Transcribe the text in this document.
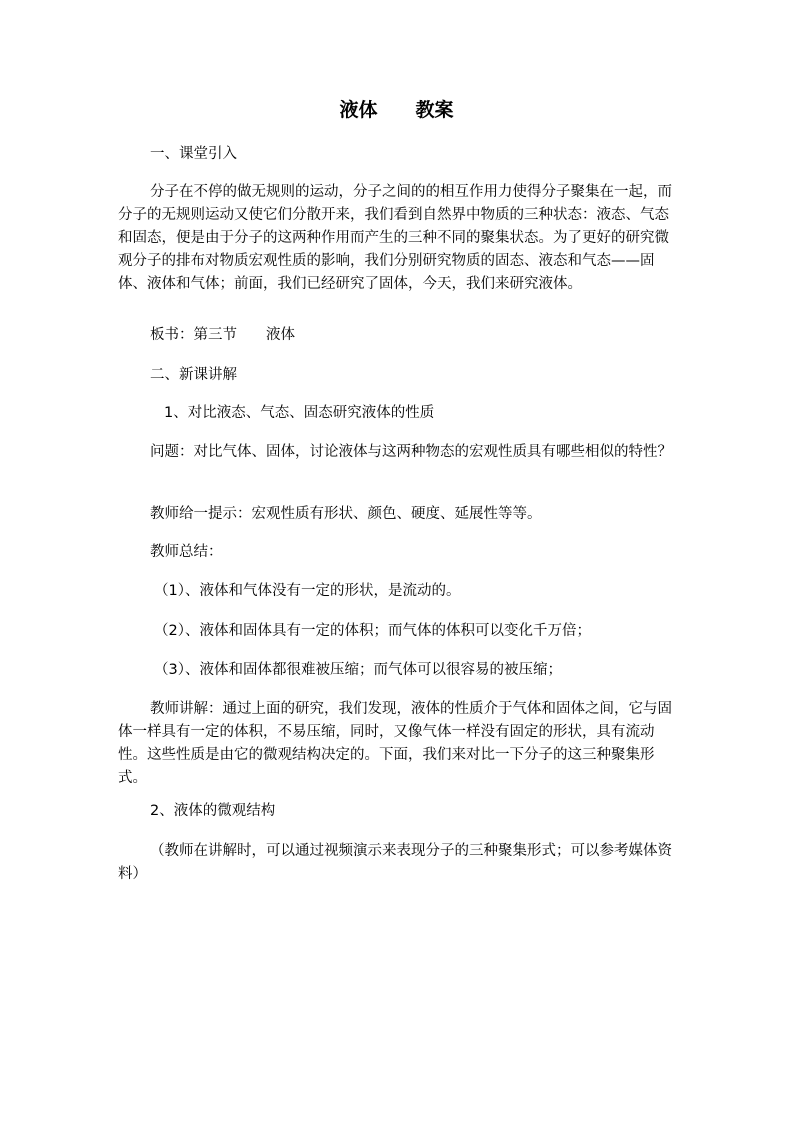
液体　　教案
一、课堂引入
分子在不停的做无规则的运动，分子之间的的相互作用力使得分子聚集在一起，而分子的无规则运动又使它们分散开来，我们看到自然界中物质的三种状态：液态、气态和固态，便是由于分子的这两种作用而产生的三种不同的聚集状态。为了更好的研究微观分子的排布对物质宏观性质的影响，我们分别研究物质的固态、液态和气态——固体、液体和气体；前面，我们已经研究了固体，今天，我们来研究液体。
板书：第三节　　液体
二、新课讲解
1、对比液态、气态、固态研究液体的性质
问题：对比气体、固体，讨论液体与这两种物态的宏观性质具有哪些相似的特性？
教师给一提示：宏观性质有形状、颜色、硬度、延展性等等。
教师总结：
（1）、液体和气体没有一定的形状，是流动的。
（2）、液体和固体具有一定的体积；而气体的体积可以变化千万倍；
（3）、液体和固体都很难被压缩；而气体可以很容易的被压缩；
教师讲解：通过上面的研究，我们发现，液体的性质介于气体和固体之间，它与固体一样具有一定的体积，不易压缩，同时，又像气体一样没有固定的形状，具有流动性。这些性质是由它的微观结构决定的。下面，我们来对比一下分子的这三种聚集形式。
2、液体的微观结构
（教师在讲解时，可以通过视频演示来表现分子的三种聚集形式；可以参考媒体资料）
